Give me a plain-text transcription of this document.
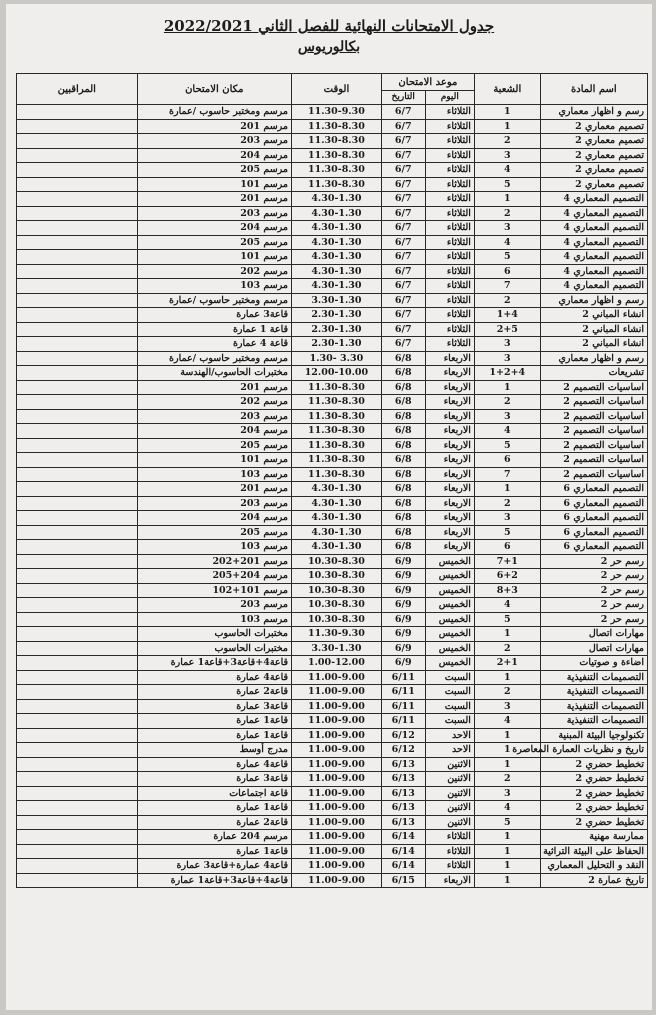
جدول الامتحانات النهائية للفصل الثاني 2022/2021
بكالوريوس
اسم المادة	الشعبة	موعد الامتحان		الوقت	مكان الامتحان	المراقبين
		اليوم	التاريخ			
رسم و اظهار معماري	1	الثلاثاء	6/7	11.30-9.30	مرسم ومختبر حاسوب /عمارة	
تصميم معماري 2	1	الثلاثاء	6/7	11.30-8.30	مرسم 201	
تصميم معماري 2	2	الثلاثاء	6/7	11.30-8.30	مرسم 203	
تصميم معماري 2	3	الثلاثاء	6/7	11.30-8.30	مرسم 204	
تصميم معماري 2	4	الثلاثاء	6/7	11.30-8.30	مرسم 205	
تصميم معماري 2	5	الثلاثاء	6/7	11.30-8.30	مرسم 101	
التصميم المعماري 4	1	الثلاثاء	6/7	4.30-1.30	مرسم 201	
التصميم المعماري 4	2	الثلاثاء	6/7	4.30-1.30	مرسم 203	
التصميم المعماري 4	3	الثلاثاء	6/7	4.30-1.30	مرسم 204	
التصميم المعماري 4	4	الثلاثاء	6/7	4.30-1.30	مرسم 205	
التصميم المعماري 4	5	الثلاثاء	6/7	4.30-1.30	مرسم 101	
التصميم المعماري 4	6	الثلاثاء	6/7	4.30-1.30	مرسم 202	
التصميم المعماري 4	7	الثلاثاء	6/7	4.30-1.30	مرسم 103	
رسم و اظهار معماري	2	الثلاثاء	6/7	3.30-1.30	مرسم ومختبر حاسوب /عمارة	
انشاء المباني 2	1+4	الثلاثاء	6/7	2.30-1.30	قاعة3 عمارة	
انشاء المباني 2	2+5	الثلاثاء	6/7	2.30-1.30	قاعة 1 عمارة	
انشاء المباني 2	3	الثلاثاء	6/7	2.30-1.30	قاعة 4 عمارة	
رسم و اظهار معماري	3	الاربعاء	6/8	3.30 -1.30	مرسم ومختبر حاسوب /عمارة	
تشريعات	1+2+4	الاربعاء	6/8	12.00-10.00	مختبرات الحاسوب/الهندسة	
اساسيات التصميم 2	1	الاربعاء	6/8	11.30-8.30	مرسم 201	
اساسيات التصميم 2	2	الاربعاء	6/8	11.30-8.30	مرسم 202	
اساسيات التصميم 2	3	الاربعاء	6/8	11.30-8.30	مرسم 203	
اساسيات التصميم 2	4	الاربعاء	6/8	11.30-8.30	مرسم 204	
اساسيات التصميم 2	5	الاربعاء	6/8	11.30-8.30	مرسم 205	
اساسيات التصميم 2	6	الاربعاء	6/8	11.30-8.30	مرسم 101	
اساسيات التصميم 2	7	الاربعاء	6/8	11.30-8.30	مرسم 103	
التصميم المعماري 6	1	الاربعاء	6/8	4.30-1.30	مرسم 201	
التصميم المعماري 6	2	الاربعاء	6/8	4.30-1.30	مرسم 203	
التصميم المعماري 6	3	الاربعاء	6/8	4.30-1.30	مرسم 204	
التصميم المعماري 6	5	الاربعاء	6/8	4.30-1.30	مرسم 205	
التصميم المعماري 6	6	الاربعاء	6/8	4.30-1.30	مرسم 103	
رسم حر 2	7+1	الخميس	6/9	10.30-8.30	مرسم 201+202	
رسم حر 2	6+2	الخميس	6/9	10.30-8.30	مرسم 204+205	
رسم حر 2	8+3	الخميس	6/9	10.30-8.30	مرسم 101+102	
رسم حر 2	4	الخميس	6/9	10.30-8.30	مرسم 203	
رسم حر 2	5	الخميس	6/9	10.30-8.30	مرسم 103	
مهارات اتصال	1	الخميس	6/9	11.30-9.30	مختبرات الحاسوب	
مهارات اتصال	2	الخميس	6/9	3.30-1.30	مختبرات الحاسوب	
اضاءة و صوتيات	2+1	الخميس	6/9	1.00-12.00	قاعة4+قاعة3+قاعة1 عمارة	
التصميمات التنفيذية	1	السبت	6/11	11.00-9.00	قاعة4 عمارة	
التصميمات التنفيذية	2	السبت	6/11	11.00-9.00	قاعة2 عمارة	
التصميمات التنفيذية	3	السبت	6/11	11.00-9.00	قاعة3 عمارة	
التصميمات التنفيذية	4	السبت	6/11	11.00-9.00	قاعة1 عمارة	
تكنولوجيا البيئة المبنية	1	الاحد	6/12	11.00-9.00	قاعة1 عمارة	
تاريخ و نظريات العمارة المعاصرة	1	الاحد	6/12	11.00-9.00	مدرج أوسط	
تخطيط حضري 2	1	الاثنين	6/13	11.00-9.00	قاعة4 عمارة	
تخطيط حضري 2	2	الاثنين	6/13	11.00-9.00	قاعة3 عمارة	
تخطيط حضري 2	3	الاثنين	6/13	11.00-9.00	قاعة اجتماعات	
تخطيط حضري 2	4	الاثنين	6/13	11.00-9.00	قاعة1 عمارة	
تخطيط حضري 2	5	الاثنين	6/13	11.00-9.00	قاعة2 عمارة	
ممارسة مهنية	1	الثلاثاء	6/14	11.00-9.00	مرسم 204 عمارة	
الحفاظ على البيئة التراثية	1	الثلاثاء	6/14	11.00-9.00	قاعة1 عمارة	
النقد و التحليل المعماري	1	الثلاثاء	6/14	11.00-9.00	قاعة4 عمارة+قاعة3 عمارة	
تاريخ عمارة 2	1	الاربعاء	6/15	11.00-9.00	قاعة4+قاعة3+قاعة1 عمارة	
